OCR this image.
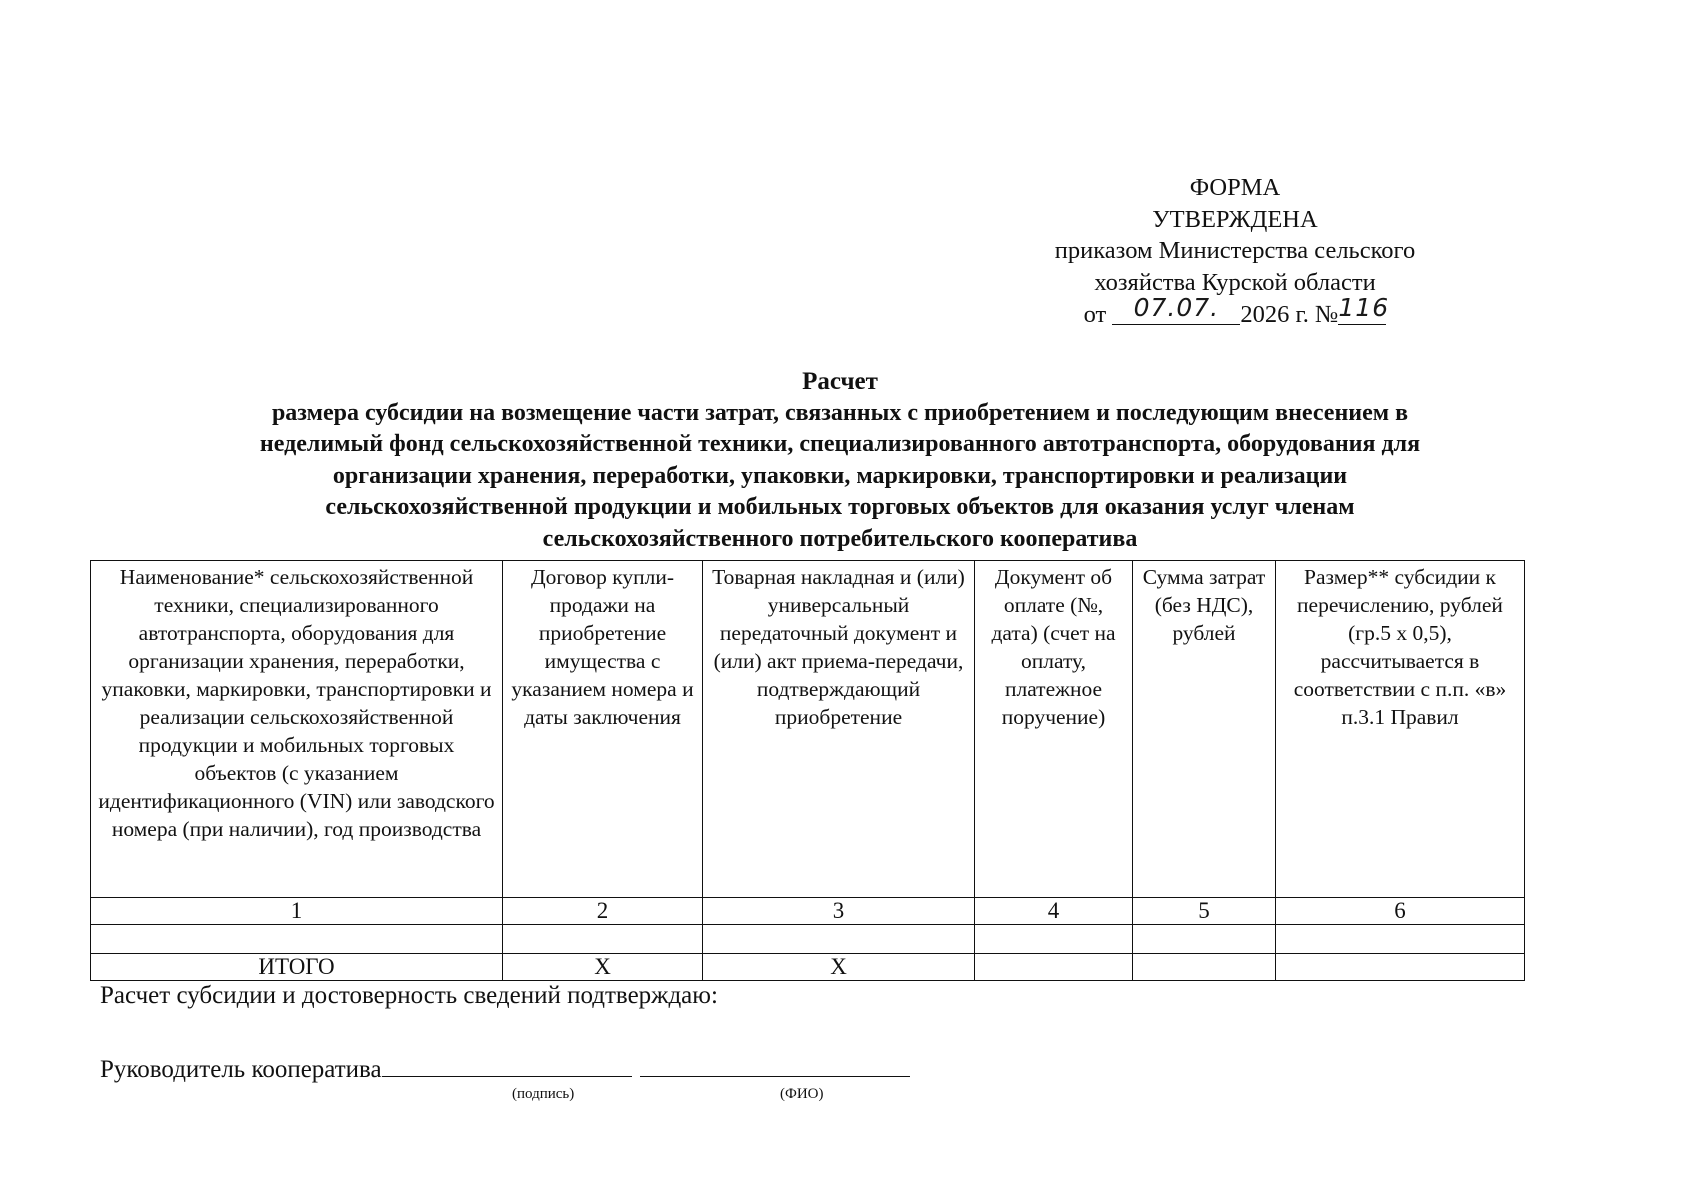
ФОРМА
УТВЕРЖДЕНА
приказом Министерства сельского
хозяйства Курской области
от 07.07. 2026 г. №116
Расчет
размера субсидии на возмещение части затрат, связанных с приобретением и последующим внесением в
неделимый фонд сельскохозяйственной техники, специализированного автотранспорта, оборудования для
организации хранения, переработки, упаковки, маркировки, транспортировки и реализации
сельскохозяйственной продукции и мобильных торговых объектов для оказания услуг членам
сельскохозяйственного потребительского кооператива
Наименование* сельскохозяйственной техники, специализированного автотранспорта, оборудования для организации хранения, переработки, упаковки, маркировки, транспортировки и реализации сельскохозяйственной продукции и мобильных торговых объектов (с указанием идентификационного (VIN) или заводского номера (при наличии), год производства	Договор купли-продажи на приобретение имущества с указанием номера и даты заключения	Товарная накладная и (или) универсальный передаточный документ и (или) акт приема-передачи, подтверждающий приобретение	Документ об оплате (№, дата) (счет на оплату, платежное поручение)	Сумма затрат (без НДС), рублей	Размер** субсидии к перечислению, рублей (гр.5 х 0,5), рассчитывается в соответствии с п.п. «в» п.3.1 Правил
1	2	3	4	5	6

ИТОГО	Х	Х			
Расчет субсидии и достоверность сведений подтверждаю:
Руководитель кооператива
(подпись)	(ФИО)
